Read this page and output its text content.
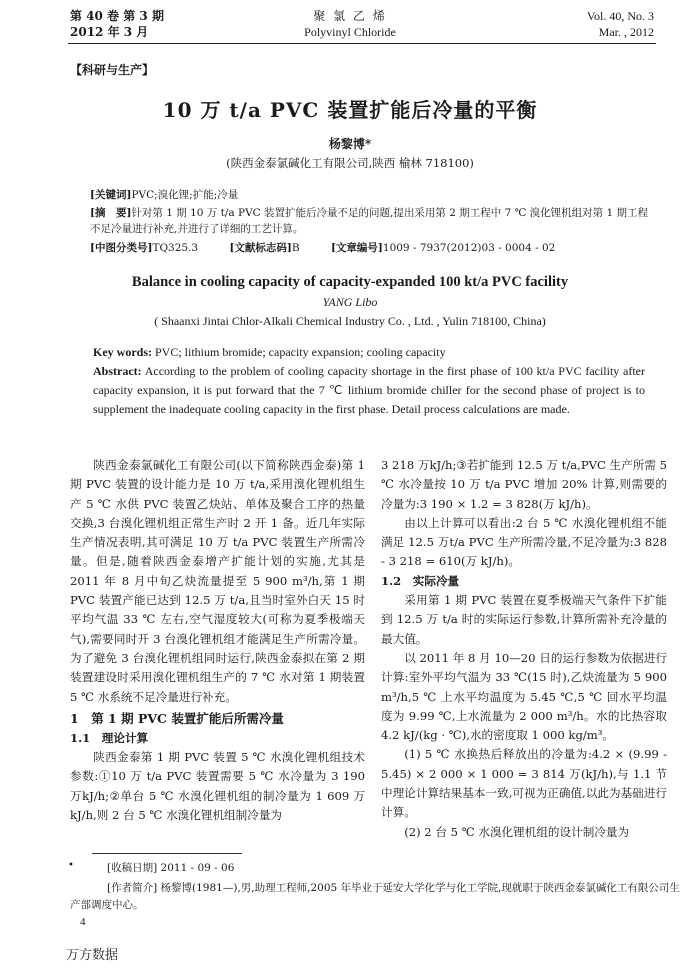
第 40 卷 第 3 期
2012 年 3 月
聚 氯 乙 烯
Polyvinyl Chloride
Vol. 40, No. 3
Mar. , 2012
【科研与生产】
10 万 t/a PVC 装置扩能后冷量的平衡
杨黎博*
(陕西金泰氯碱化工有限公司,陕西 榆林 718100)
[关键词]PVC;溴化锂;扩能;冷量
[摘　要]针对第 1 期 10 万 t/a PVC 装置扩能后冷量不足的问题,提出采用第 2 期工程中 7 ℃ 溴化锂机组对第 1 期工程不足冷量进行补充,并进行了详细的工艺计算。
[中图分类号]TQ325.3	[文献标志码]B	[文章编号]1009 - 7937(2012)03 - 0004 - 02
Balance in cooling capacity of capacity-expanded 100 kt/a PVC facility
YANG Libo
( Shaanxi Jintai Chlor-Alkali Chemical Industry Co. , Ltd. , Yulin 718100, China)
Key words: PVC; lithium bromide; capacity expansion; cooling capacity
Abstract: According to the problem of cooling capacity shortage in the first phase of 100 kt/a PVC facility after capacity expansion, it is put forward that the 7 ℃ lithium bromide chiller for the second phase of project is to supplement the inadequate cooling capacity in the first phase. Detail process calculations are made.

陕西金泰氯碱化工有限公司(以下简称陕西金泰)第 1 期 PVC 装置的设计能力是 10 万 t/a,采用溴化锂机组生产 5 ℃ 水供 PVC 装置乙炔站、单体及聚合工序的热量交换,3 台溴化锂机组正常生产时 2 开 1 备。近几年实际生产情况表明,其可满足 10 万 t/a PVC 装置生产所需冷量。但是,随着陕西金泰增产扩能计划的实施,尤其是 2011 年 8 月中旬乙炔流量提至 5 900 m³/h,第 1 期 PVC 装置产能已达到 12.5 万 t/a,且当时室外白天 15 时平均气温 33 ℃ 左右,空气湿度较大(可称为夏季极端天气),需要同时开 3 台溴化锂机组才能满足生产所需冷量。为了避免 3 台溴化锂机组同时运行,陕西金泰拟在第 2 期装置建设时采用溴化锂机组生产的 7 ℃ 水对第 1 期装置 5 ℃ 水系统不足冷量进行补充。

1　第 1 期 PVC 装置扩能后所需冷量
1.1　理论计算

陕西金泰第 1 期 PVC 装置 5 ℃ 水溴化锂机组技术参数:①10 万 t/a PVC 装置需要 5 ℃ 水冷量为 3 190 万kJ/h;②单台 5 ℃ 水溴化锂机组的制冷量为 1 609 万 kJ/h,则 2 台 5 ℃ 水溴化锂机组制冷量为

3 218 万kJ/h;③若扩能到 12.5 万 t/a,PVC 生产所需 5 ℃ 水冷量按 10 万 t/a PVC 增加 20% 计算,则需要的冷量为:3 190 × 1.2 = 3 828(万 kJ/h)。

由以上计算可以看出:2 台 5 ℃ 水溴化锂机组不能满足 12.5 万t/a PVC 生产所需冷量,不足冷量为:3 828 - 3 218 = 610(万 kJ/h)。

1.2　实际冷量

采用第 1 期 PVC 装置在夏季极端天气条件下扩能到 12.5 万 t/a 时的实际运行参数,计算所需补充冷量的最大值。

以 2011 年 8 月 10—20 日的运行参数为依据进行计算:室外平均气温为 33 ℃(15 时),乙炔流量为 5 900 m³/h,5 ℃ 上水平均温度为 5.45 ℃,5 ℃ 回水平均温度为 9.99 ℃,上水流量为 2 000 m³/h。水的比热容取 4.2 kJ/(kg · ℃),水的密度取 1 000 kg/m³。

(1) 5 ℃ 水换热后释放出的冷量为:4.2 × (9.99 - 5.45) × 2 000 × 1 000 = 3 814 万(kJ/h),与 1.1 节中理论计算结果基本一致,可视为正确值,以此为基础进行计算。

(2) 2 台 5 ℃ 水溴化锂机组的设计制冷量为

•	[收稿日期] 2011 - 09 - 06
[作者简介] 杨黎博(1981—),男,助理工程师,2005 年毕业于延安大学化学与化工学院,现就职于陕西金泰氯碱化工有限公司生产部调度中心。
4
万方数据
